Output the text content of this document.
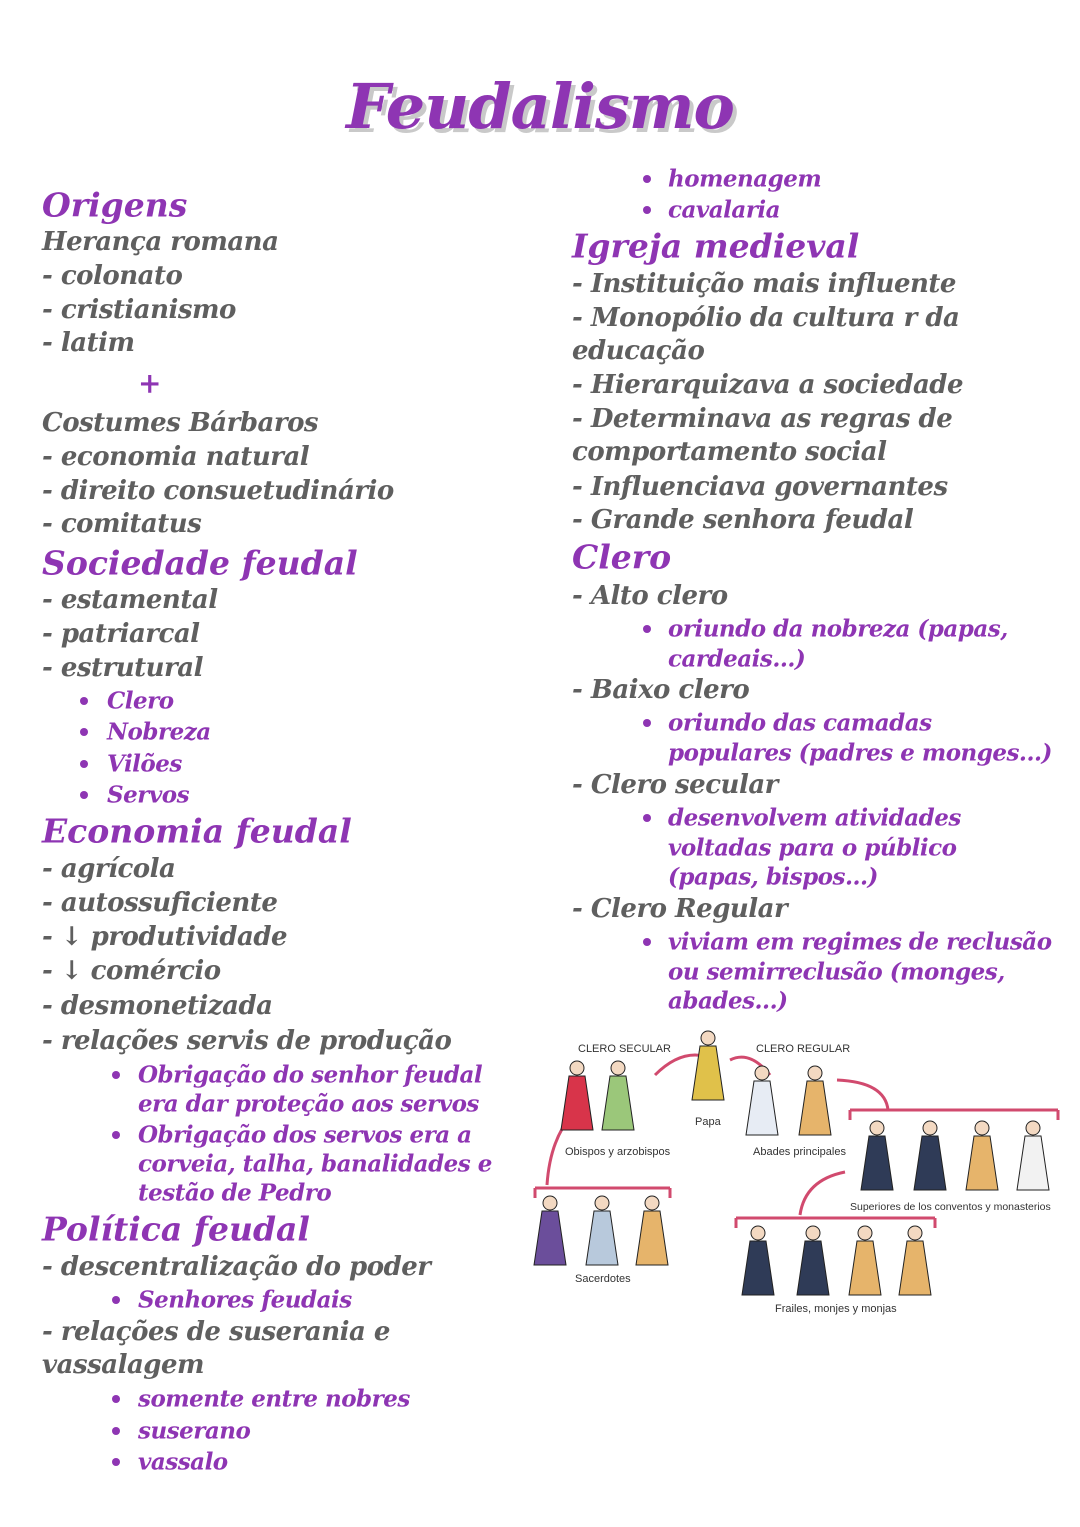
Feudalismo
Origens
Herança romana
- colonato
- cristianismo
- latim
+
Costumes Bárbaros
- economia natural
- direito consuetudinário
- comitatus
Sociedade feudal
- estamental
- patriarcal
- estrutural
Clero
Nobreza
Vilões
Servos
Economia feudal
- agrícola
- autossuficiente
- ↓ produtividade
- ↓ comércio
- desmonetizada
- relações servis de produção
Obrigação do senhor feudal
era dar proteção aos servos
Obrigação dos servos era a
corveia, talha, banalidades e
testão de Pedro
Política feudal
- descentralização do poder
Senhores feudais
- relações de suserania e
vassalagem
somente entre nobres
suserano
vassalo
homenagem
cavalaria
Igreja medieval
- Instituição mais influente
- Monopólio da cultura r da
educação
- Hierarquizava a sociedade
- Determinava as regras de
comportamento social
- Influenciava governantes
- Grande senhora feudal
Clero
- Alto clero
oriundo da nobreza (papas,
cardeais...)
- Baixo clero
oriundo das camadas
populares (padres e monges...)
- Clero secular
desenvolvem atividades
voltadas para o público
(papas, bispos...)
- Clero Regular
viviam em regimes de reclusão
ou semirreclusão (monges,
abades...)
CLERO SECULAR	CLERO REGULAR
Papa
Obispos y arzobispos	Abades principales
Superiores de los conventos y monasterios
Sacerdotes
Frailes, monjes y monjas
